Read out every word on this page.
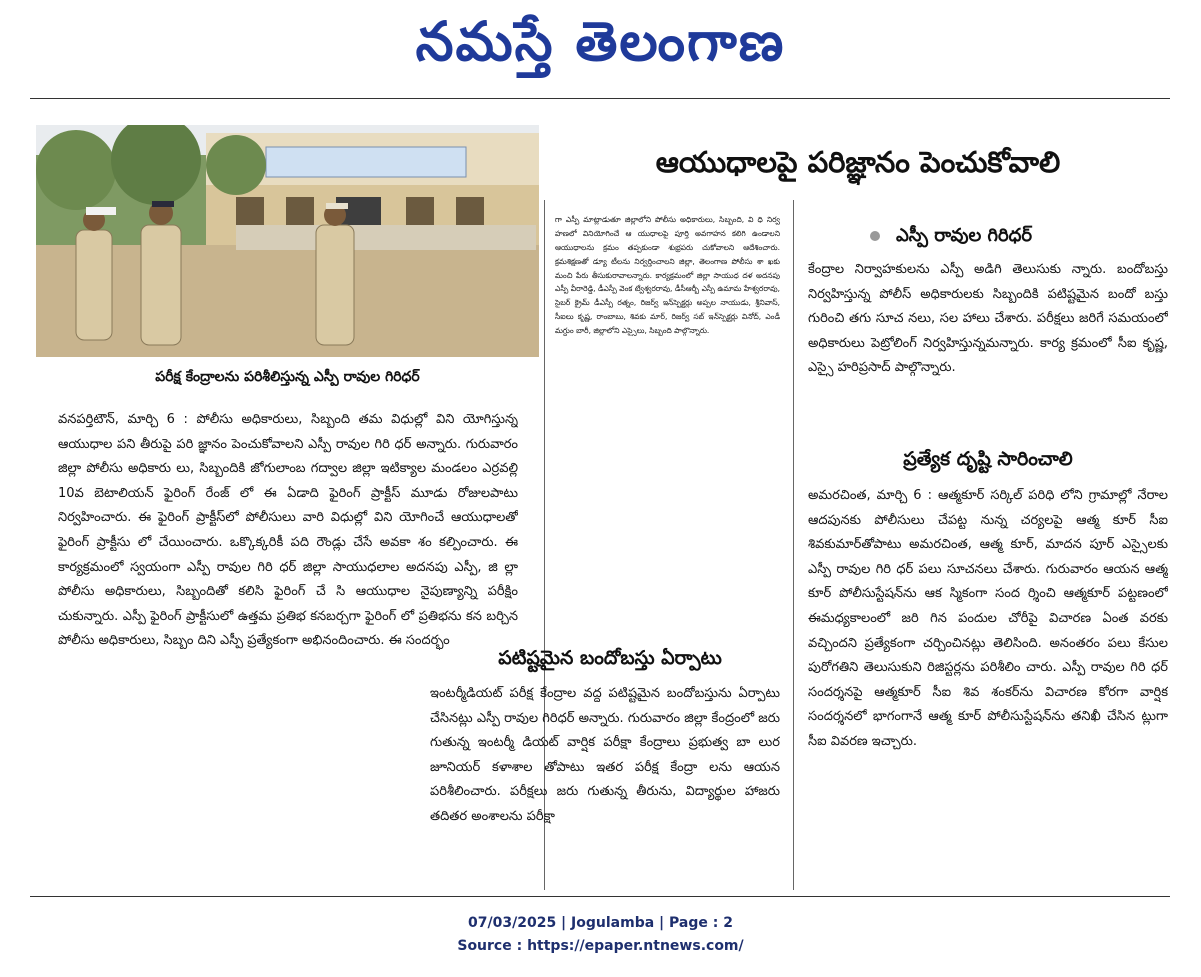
నమస్తే తెలంగాణ
పరీక్ష కేంద్రాలను పరిశీలిస్తున్న ఎస్పీ రావుల గిరిధర్
ఆయుధాలపై పరిజ్ఞానం పెంచుకోవాలి

వనపర్తిటౌన్, మార్చి 6 : పోలీసు అధికారులు, సిబ్బంది తమ విధుల్లో విని యోగిస్తున్న ఆయుధాల పని తీరుపై పరి జ్ఞానం పెంచుకోవాలని ఎస్పీ రావుల గిరి ధర్ అన్నారు. గురువారం జిల్లా పోలీసు అధికారు లు, సిబ్బందికి జోగులాంబ గద్వాల జిల్లా ఇటిక్యాల మండలం ఎర్రవల్లి 10వ బెటాలియన్ ఫైరింగ్ రేంజ్ లో ఈ ఏడాది ఫైరింగ్ ప్రాక్టీస్ మూడు రోజులపాటు నిర్వహించారు. ఈ ఫైరింగ్ ప్రాక్టీస్‌లో పోలీసులు వారి విధుల్లో విని యోగించే ఆయుధాలతో ఫైరింగ్ ప్రాక్టీసు లో చేయించారు. ఒక్కొక్కరికీ పది రౌండ్లు చేసే అవకా శం కల్పించారు. ఈ కార్యక్రమంలో స్వయంగా ఎస్పీ రావుల గిరి ధర్ జిల్లా సాయుధలాల అదనపు ఎస్పీ, జి ల్లా పోలీసు అధికారులు, సిబ్బందితో కలిసి ఫైరింగ్ చే సి ఆయుధాల నైపుణ్యాన్ని పరీక్షిం చుకున్నారు. ఎస్పీ ఫైరింగ్ ప్రాక్టీసులో ఉత్తమ ప్రతిభ కనబర్చగా ఫైరింగ్ లో ప్రతిభను కన బర్చిన పోలీసు అధికారులు, సిబ్బం దిని ఎస్పీ ప్రత్యేకంగా అభినందించారు. ఈ సందర్భం

గా ఎస్పీ మాట్లాడుతూ జిల్లాలోని పోలీసు అధికారులు, సిబ్బంది, వి ధి నిర్వ హణలో వినియోగించే ఆ యుధాలపై పూర్తి అవగాహన కలిగి ఉండాలని ఆయుధాలను క్రమం తప్పకుండా శుభ్రపరు చుకోవాలని ఆదేశించారు. క్రమశిక్షణతో డ్యూ టీలను నిర్వర్తించాలని జిల్లా, తెలంగాణ పోలీసు శా ఖకు మంచి పేరు తీసుకురావాలన్నారు. కార్యక్రమంలో జిల్లా సాయుధ దళ అదనపు ఎస్పీ వీరారెడ్డి, డీఎస్పీ వెంక ట్వేశ్వరరావు, డీసీఆర్బీ ఎస్పీ ఉమామ హేశ్వరరావు, సైబర్ క్రైమ్ డీఎస్పీ రత్నం, రిజర్వ్ ఇన్‌స్పెక్టర్లు అప్పల నాయుడు, శ్రీనివాస్, సీఐలు కృష్ణ, రాంబాబు, శివకు మార్, రిజర్వ్ సబ్ ఇన్‌స్పెక్టర్లు వినోద్, ఎండీ మగ్దుం బారీ, జిల్లాలోని ఎస్సైలు, సిబ్బంది పాల్గొన్నారు.

పటిష్టమైన బందోబస్తు ఏర్పాటు

ఇంటర్మీడియట్ పరీక్ష కేంద్రాల వద్ద పటిష్టమైన బందోబస్తును ఏర్పాటు చేసినట్లు ఎస్పీ రావుల గిరిధర్ అన్నారు. గురువారం జిల్లా కేంద్రంలో జరు గుతున్న ఇంటర్మీ డియట్ వార్షిక పరీక్షా కేంద్రాలు ప్రభుత్వ బా లుర జూనియర్ కళాశాల తోపాటు ఇతర పరీక్ష కేంద్రా లను ఆయన పరిశీలించారు. పరీక్షలు జరు గుతున్న తీరును, విద్యార్థుల హాజరు తదితర అంశాలను పరీక్షా

ఎస్పీ రావుల గిరిధర్

కేంద్రాల నిర్వాహకులను ఎస్పీ అడిగి తెలుసుకు న్నారు. బందోబస్తు నిర్వహిస్తున్న పోలీస్ అధికారులకు సిబ్బందికి పటిష్టమైన బందో బస్తు గురించి తగు సూచ నలు, సల హాలు చేశారు. పరీక్షలు జరిగే సమయంలో అధికారులు పెట్రోలింగ్ నిర్వహిస్తున్నమన్నారు. కార్య క్రమంలో సీఐ కృష్ణ, ఎస్సై హరిప్రసాద్ పాల్గొన్నారు.

ప్రత్యేక దృష్టి సారించాలి

అమరచింత, మార్చి 6 : ఆత్మకూర్ సర్కిల్ పరిధి లోని గ్రామాల్లో నేరాల ఆదపునకు పోలీసులు చేపట్ట నున్న చర్యలపై ఆత్మ కూర్ సీఐ శివకుమార్‌తోపాటు అమరచింత, ఆత్మ కూర్, మాదన పూర్ ఎస్సైలకు ఎస్పీ రావుల గిరి ధర్ పలు సూచనలు చేశారు. గురువారం ఆయన ఆత్మ కూర్ పోలీసుస్టేషన్‌ను ఆక స్మికంగా సంద ర్శించి ఆత్మకూర్ పట్టణంలో ఈమధ్యకాలంలో జరి గిన పందుల చోరీపై విచారణ ఏంత వరకు వచ్చిందని ప్రత్యేకంగా చర్చించినట్లు తెలిసింది. అనంతరం పలు కేసుల పురోగతిని తెలుసుకుని రిజిస్టర్లను పరిశీలిం చారు. ఎస్పీ రావుల గిరి ధర్ సందర్శనపై ఆత్మకూర్ సీఐ శివ శంకర్‌ను విచారణ కోరగా వార్షిక సందర్శనలో భాగంగానే ఆత్మ కూర్ పోలీసుస్టేషన్‌ను తనిఖీ చేసిన ట్లుగా సీఐ వివరణ ఇచ్చారు.

07/03/2025 | Jogulamba | Page : 2
Source : https://epaper.ntnews.com/
